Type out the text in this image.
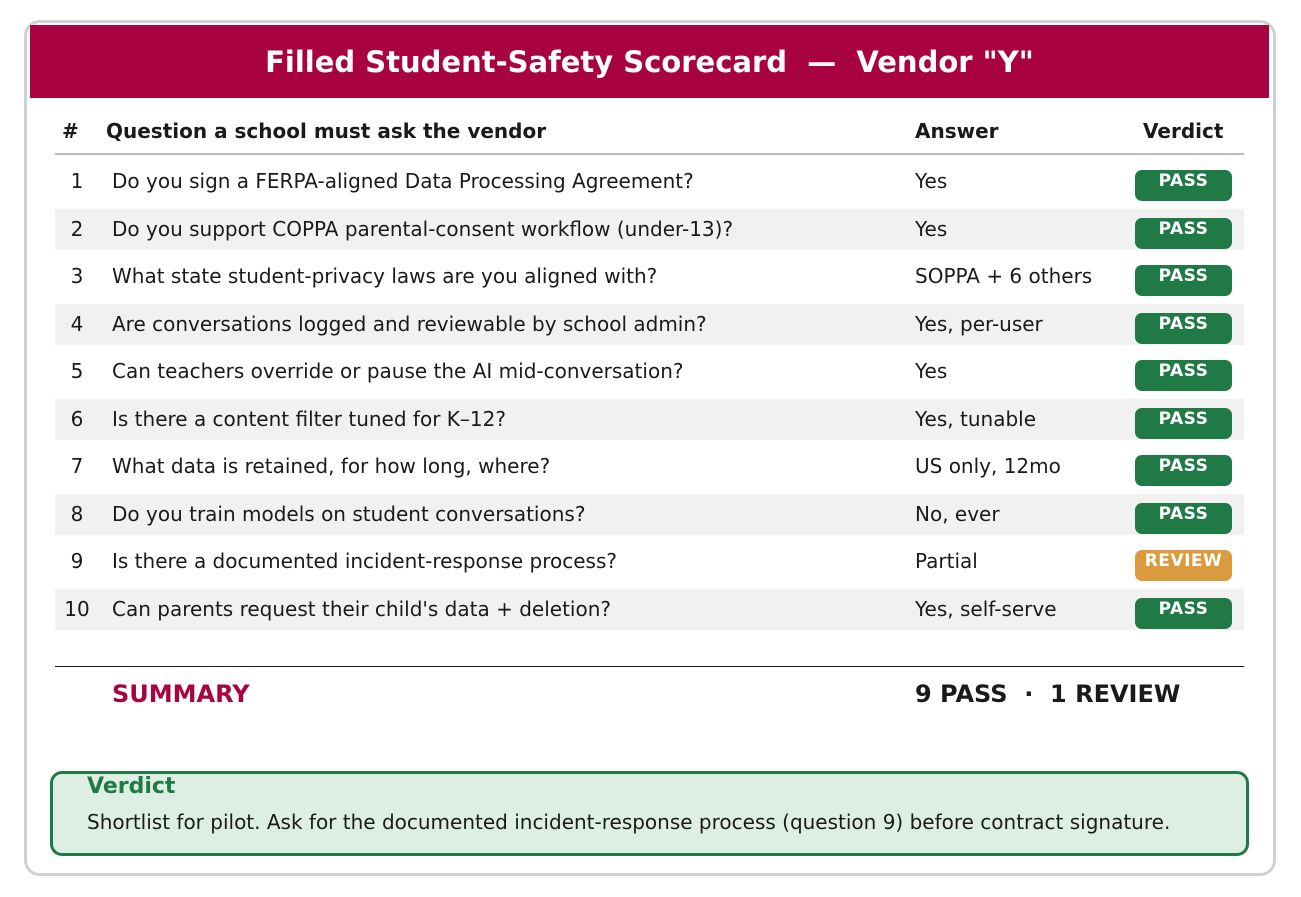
Filled Student-Safety Scorecard  —  Vendor "Y"
# Question a school must ask the vendor	Answer	Verdict
1	Do you sign a FERPA-aligned Data Processing Agreement?	Yes	PASS
2	Do you support COPPA parental-consent workflow (under-13)?	Yes	PASS
3	What state student-privacy laws are you aligned with?	SOPPA + 6 others	PASS
4	Are conversations logged and reviewable by school admin?	Yes, per-user	PASS
5	Can teachers override or pause the AI mid-conversation?	Yes	PASS
6	Is there a content filter tuned for K–12?	Yes, tunable	PASS
7	What data is retained, for how long, where?	US only, 12mo	PASS
8	Do you train models on student conversations?	No, ever	PASS
9	Is there a documented incident-response process?	Partial	REVIEW
10	Can parents request their child's data + deletion?	Yes, self-serve	PASS
SUMMARY	9 PASS  ·  1 REVIEW
Verdict
Shortlist for pilot. Ask for the documented incident-response process (question 9) before contract signature.
